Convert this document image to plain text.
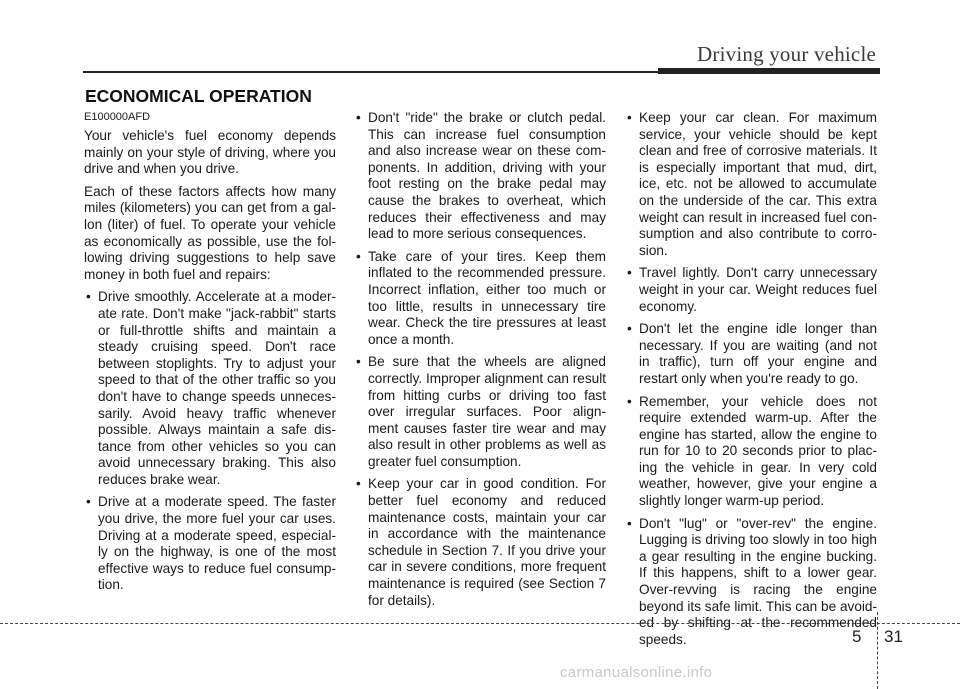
Driving your vehicle
ECONOMICAL OPERATION
E100000AFD

Your vehicle's fuel economy depends mainly on your style of driving, where you drive and when you drive.

Each of these factors affects how many miles (kilometers) you can get from a gal-lon (liter) of fuel. To operate your vehicle as economically as possible, use the fol-lowing driving suggestions to help save money in both fuel and repairs:

• Drive smoothly. Accelerate at a moder-ate rate. Don't make "jack-rabbit" starts or full-throttle shifts and maintain a steady cruising speed. Don't race between stoplights. Try to adjust your speed to that of the other traffic so you don't have to change speeds unneces-sarily. Avoid heavy traffic whenever possible. Always maintain a safe dis-tance from other vehicles so you can avoid unnecessary braking. This also reduces brake wear.
• Drive at a moderate speed. The faster you drive, the more fuel your car uses. Driving at a moderate speed, especial-ly on the highway, is one of the most effective ways to reduce fuel consump-tion.
• Don't "ride" the brake or clutch pedal. This can increase fuel consumption and also increase wear on these com-ponents. In addition, driving with your foot resting on the brake pedal may cause the brakes to overheat, which reduces their effectiveness and may lead to more serious consequences.
• Take care of your tires. Keep them inflated to the recommended pressure. Incorrect inflation, either too much or too little, results in unnecessary tire wear. Check the tire pressures at least once a month.
• Be sure that the wheels are aligned correctly. Improper alignment can result from hitting curbs or driving too fast over irregular surfaces. Poor align-ment causes faster tire wear and may also result in other problems as well as greater fuel consumption.
• Keep your car in good condition. For better fuel economy and reduced maintenance costs, maintain your car in accordance with the maintenance schedule in Section 7. If you drive your car in severe conditions, more frequent maintenance is required (see Section 7 for details).
• Keep your car clean. For maximum service, your vehicle should be kept clean and free of corrosive materials. It is especially important that mud, dirt, ice, etc. not be allowed to accumulate on the underside of the car. This extra weight can result in increased fuel con-sumption and also contribute to corro-sion.
• Travel lightly. Don't carry unnecessary weight in your car. Weight reduces fuel economy.
• Don't let the engine idle longer than necessary. If you are waiting (and not in traffic), turn off your engine and restart only when you're ready to go.
• Remember, your vehicle does not require extended warm-up. After the engine has started, allow the engine to run for 10 to 20 seconds prior to plac-ing the vehicle in gear. In very cold weather, however, give your engine a slightly longer warm-up period.
• Don't "lug" or "over-rev" the engine. Lugging is driving too slowly in too high a gear resulting in the engine bucking. If this happens, shift to a lower gear. Over-revving is racing the engine beyond its safe limit. This can be avoid-ed by shifting at the recommended speeds.	5 31
carmanualsonline.info
